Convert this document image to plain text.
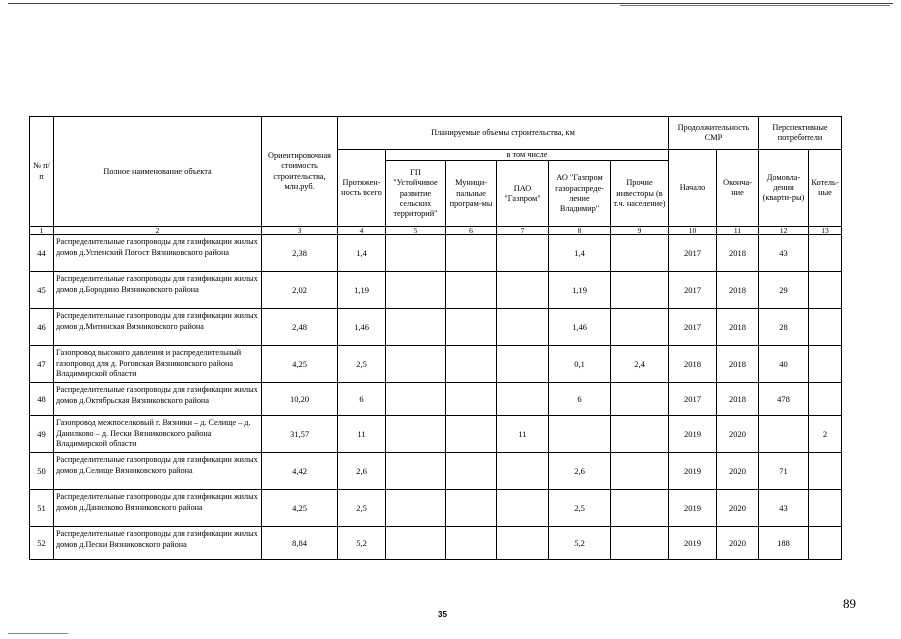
№ п/п	Полное наименование объекта	Ориентировочная стоимость строительства, млн.руб.	Планируемые объемы строительства, км						Продолжительность СМР		Перспективные потребители	
			Протяжен-ность всего	в том числе					Начало	Оконча-ние	Домовла-дения (кварти-ры)	Котель-ные
				ГП "Устойчивое развитие сельских территорий"	Муници-пальные програм-мы	ПАО "Газпром"	АО "Газпром газораспреде-ление Владимир"	Прочие инвесторы (в т.ч. население)				
1	2	3	4	5	6	7	8	9	10	11	12	13
44	Распределительные газопроводы для газификации жилых домов д.Успенский Погост Вязниковского района	2,38	1,4				1,4		2017	2018	43	
45	Распределительные газопроводы для газификации жилых домов д.Бородино Вязниковского района	2,02	1,19				1,19		2017	2018	29	
46	Распределительные газопроводы для газификации жилых домов д.Митинская Вязниковского района	2,48	1,46				1,46		2017	2018	28	
47	Газопровод высокого давления и распределительный газопровод для д. Роговская Вязниковского района Владимирской области	4,25	2,5				0,1	2,4	2018	2018	40	
48	Распределительные газопроводы для газификации жилых домов д.Октябрьская Вязниковского района	10,20	6				6		2017	2018	478	
49	Газопровод межпоселковый г. Вязники – д. Селище – д. Данилково – д. Пески Вязниковского района Владимирской области	31,57	11			11			2019	2020		2
50	Распределительные газопроводы для газификации жилых домов д.Селище Вязниковского района	4,42	2,6				2,6		2019	2020	71	
51	Распределительные газопроводы для газификации жилых домов д.Данилково Вязниковского района	4,25	2,5				2,5		2019	2020	43	
52	Распределительные газопроводы для газификации жилых домов д.Пески Вязниковского района	8,84	5,2				5,2		2019	2020	188	
35
89
